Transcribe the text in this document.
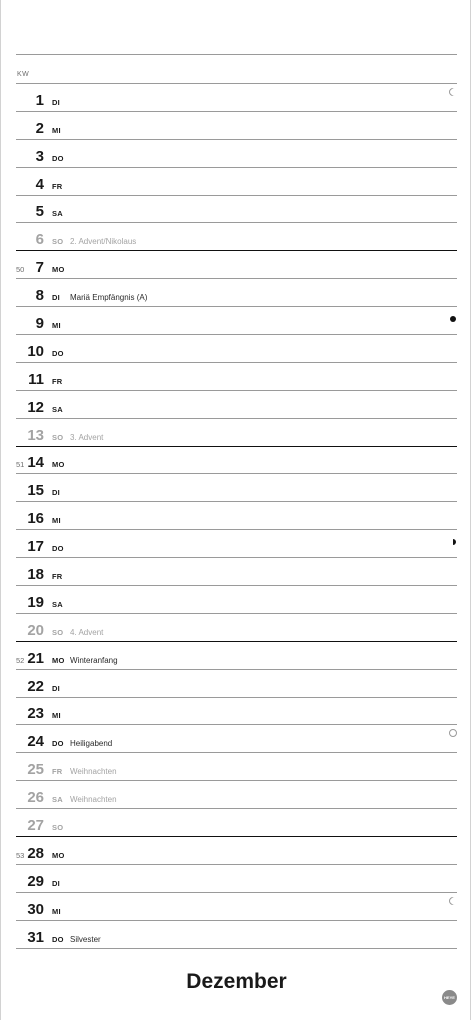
KW
1 DI
2 MI
3 DO
4 FR
5 SA
6 SO 2. Advent/Nikolaus
50 7 MO
8 DI Mariä Empfängnis (A)
9 MI
10 DO
11 FR
12 SA
13 SO 3. Advent
51 14 MO
15 DI
16 MI
17 DO
18 FR
19 SA
20 SO 4. Advent
52 21 MO Winteranfang
22 DI
23 MI
24 DO Heiligabend
25 FR Weihnachten
26 SA Weihnachten
27 SO
53 28 MO
29 DI
30 MI
31 DO Silvester
Dezember
HEYE
